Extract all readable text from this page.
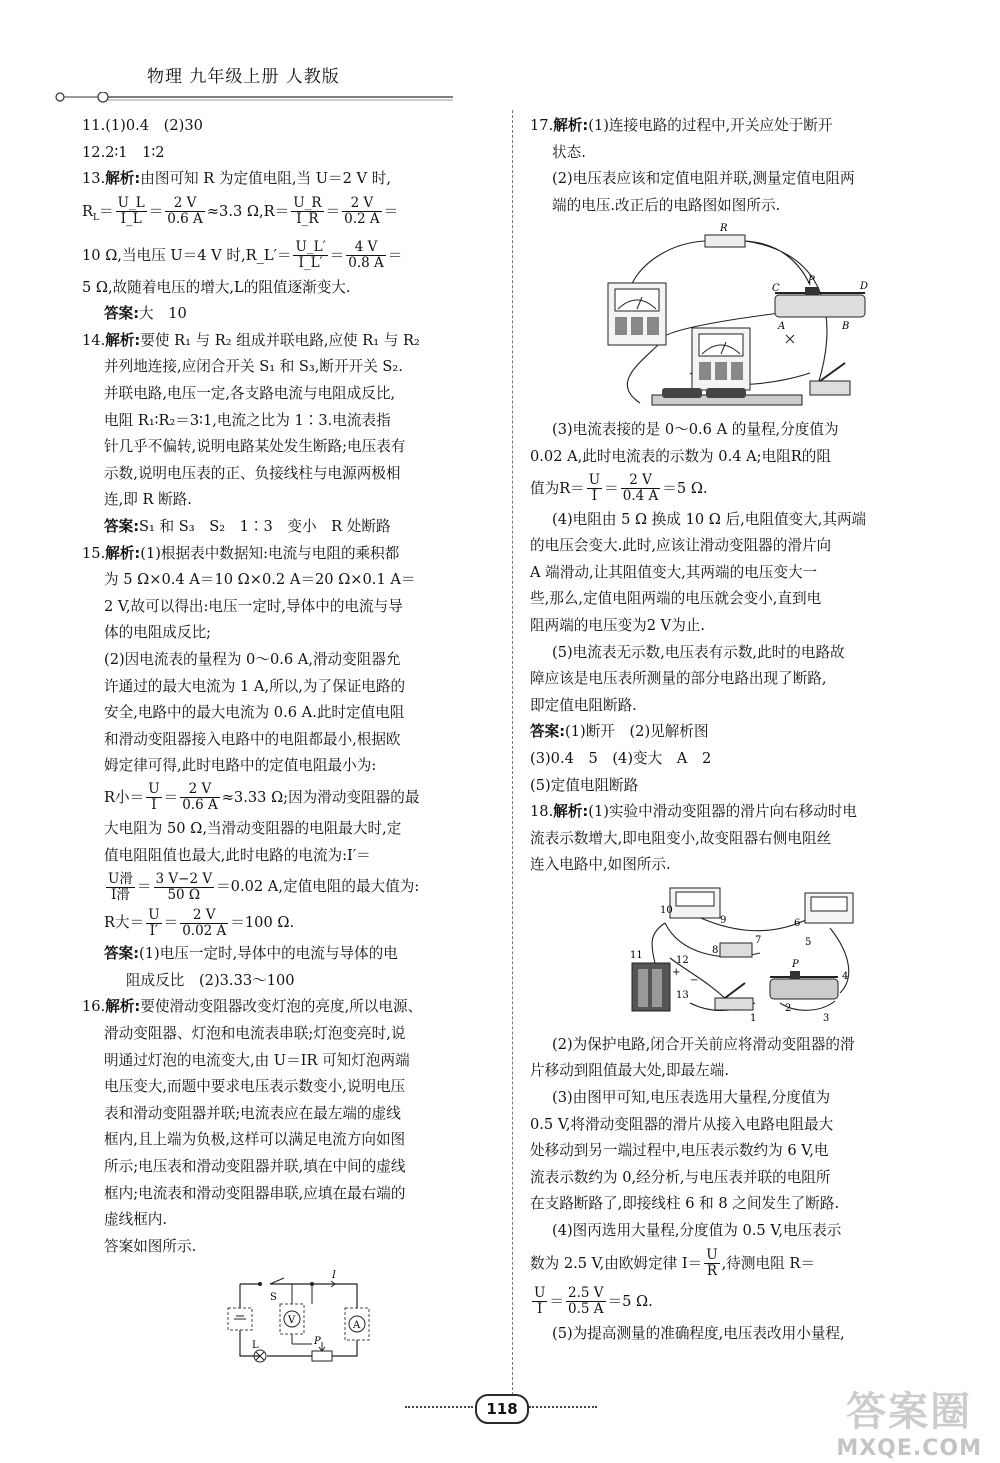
物理 九年级上册 人教版

11.(1)0.4　(2)30

12.2∶1　1∶2

13.解析:由图可知 R 为定值电阻,当 U＝2 V 时,

$R_L= \frac{U\_L}{I\_L} = \frac{2 V}{0.6 A} \approx 3.3$ $\Omega,R= \frac{U\_R}{I\_R} = \frac{2 V}{0.2 A}$ ＝

10 Ω,当电压 U＝4 V 时,R_L′＝ $\frac{U\_L'}{I\_L'} = \frac{4 V}{0.8 A}$ ＝

5 Ω,故随着电压的增大,L的阻值逐渐变大.

答案:大　10

14.解析:要使 R₁ 与 R₂ 组成并联电路,应使 R₁ 与 R₂

并列地连接,应闭合开关 S₁ 和 S₃,断开开关 S₂.

并联电路,电压一定,各支路电流与电阻成反比,

电阻 R₁∶R₂＝3∶1,电流之比为 1∶3.电流表指

针几乎不偏转,说明电路某处发生断路;电压表有

示数,说明电压表的正、负接线柱与电源两极相

连,即 R 断路.

答案:S₁ 和 S₃　S₂　1∶3　变小　R 处断路

15.解析:(1)根据表中数据知:电流与电阻的乘积都

为 5 Ω×0.4 A＝10 Ω×0.2 A＝20 Ω×0.1 A＝

2 V,故可以得出:电压一定时,导体中的电流与导

体的电阻成反比;

(2)因电流表的量程为 0～0.6 A,滑动变阻器允

许通过的最大电流为 1 A,所以,为了保证电路的

安全,电路中的最大电流为 0.6 A.此时定值电阻

和滑动变阻器接入电路中的电阻都最小,根据欧

姆定律可得,此时电路中的定值电阻最小为:

R小＝ $\frac{U}{I} = \frac{2 V}{0.6 A} \approx 3.33$ Ω;因为滑动变阻器的最

大电阻为 50 Ω,当滑动变阻器的电阻最大时,定

值电阻阻值也最大,此时电路的电流为:I′＝

$\frac{\text{U滑}}{\text{I滑}} = \frac{3 V-2 V}{50 \Omega} =0.02$ A,定值电阻的最大值为:

R大＝ $\frac{U}{I'} = \frac{2 V}{0.02 A} =100$ Ω.

答案:(1)电压一定时,导体中的电流与导体的电

阻成反比　(2)3.33～100

16.解析:要使滑动变阻器改变灯泡的亮度,所以电源、

滑动变阻器、灯泡和电流表串联;灯泡变亮时,说

明通过灯泡的电流变大,由 U＝IR 可知灯泡两端

电压变大,而题中要求电压表示数变小,说明电压

表和滑动变阻器并联;电流表应在最左端的虚线

框内,且上端为负极,这样可以满足电流方向如图

所示;电压表和滑动变阻器并联,填在中间的虚线

框内;电流表和滑动变阻器串联,应填在最右端的

虚线框内.

答案如图所示.

V	A
S
I
L	P

17.解析:(1)连接电路的过程中,开关应处于断开

状态.

(2)电压表应该和定值电阻并联,测量定值电阻两

端的电压.改正后的电路图如图所示.

R
C
P
D
A	B

(3)电流表接的是 0～0.6 A 的量程,分度值为

0.02 A,此时电流表的示数为 0.4 A;电阻R的阻

值为$R= \frac{U}{I} = \frac{2 V}{0.4 A} =5$ Ω.

(4)电阻由 5 Ω 换成 10 Ω 后,电阻值变大,其两端

的电压会变大.此时,应该让滑动变阻器的滑片向

A 端滑动,让其阻值变大,其两端的电压变大一

些,那么,定值电阻两端的电压就会变小,直到电

阻两端的电压变为2 V为止.

(5)电流表无示数,电压表有示数,此时的电路故

障应该是电压表所测量的部分电路出现了断路,

即定值电阻断路.

答案:(1)断开　(2)见解析图

(3)0.4　5　(4)变大　A　2

(5)定值电阻断路

18.解析:(1)实验中滑动变阻器的滑片向右移动时电

流表示数增大,即电阻变小,故变阻器右侧电阻丝

连入电路中,如图所示.

10
9	6
5
7
8
11	12
+
13
−
1
2
3
4
P

(2)为保护电路,闭合开关前应将滑动变阻器的滑

片移动到阻值最大处,即最左端.

(3)由图甲可知,电压表选用大量程,分度值为

0.5 V,将滑动变阻器的滑片从接入电路电阻最大

处移动到另一端过程中,电压表示数约为 6 V,电

流表示数约为 0,经分析,与电压表并联的电阻所

在支路断路了,即接线柱 6 和 8 之间发生了断路.

(4)图丙选用大量程,分度值为 0.5 V,电压表示

数为 2.5 V,由欧姆定律 $I= \frac{U}{R}$ ,待测电阻 R＝

$\frac{U}{I} = \frac{2.5 V}{0.5 A} =5$ Ω.

(5)为提高测量的准确程度,电压表改用小量程,

118	答案圈
MXQE.COM
